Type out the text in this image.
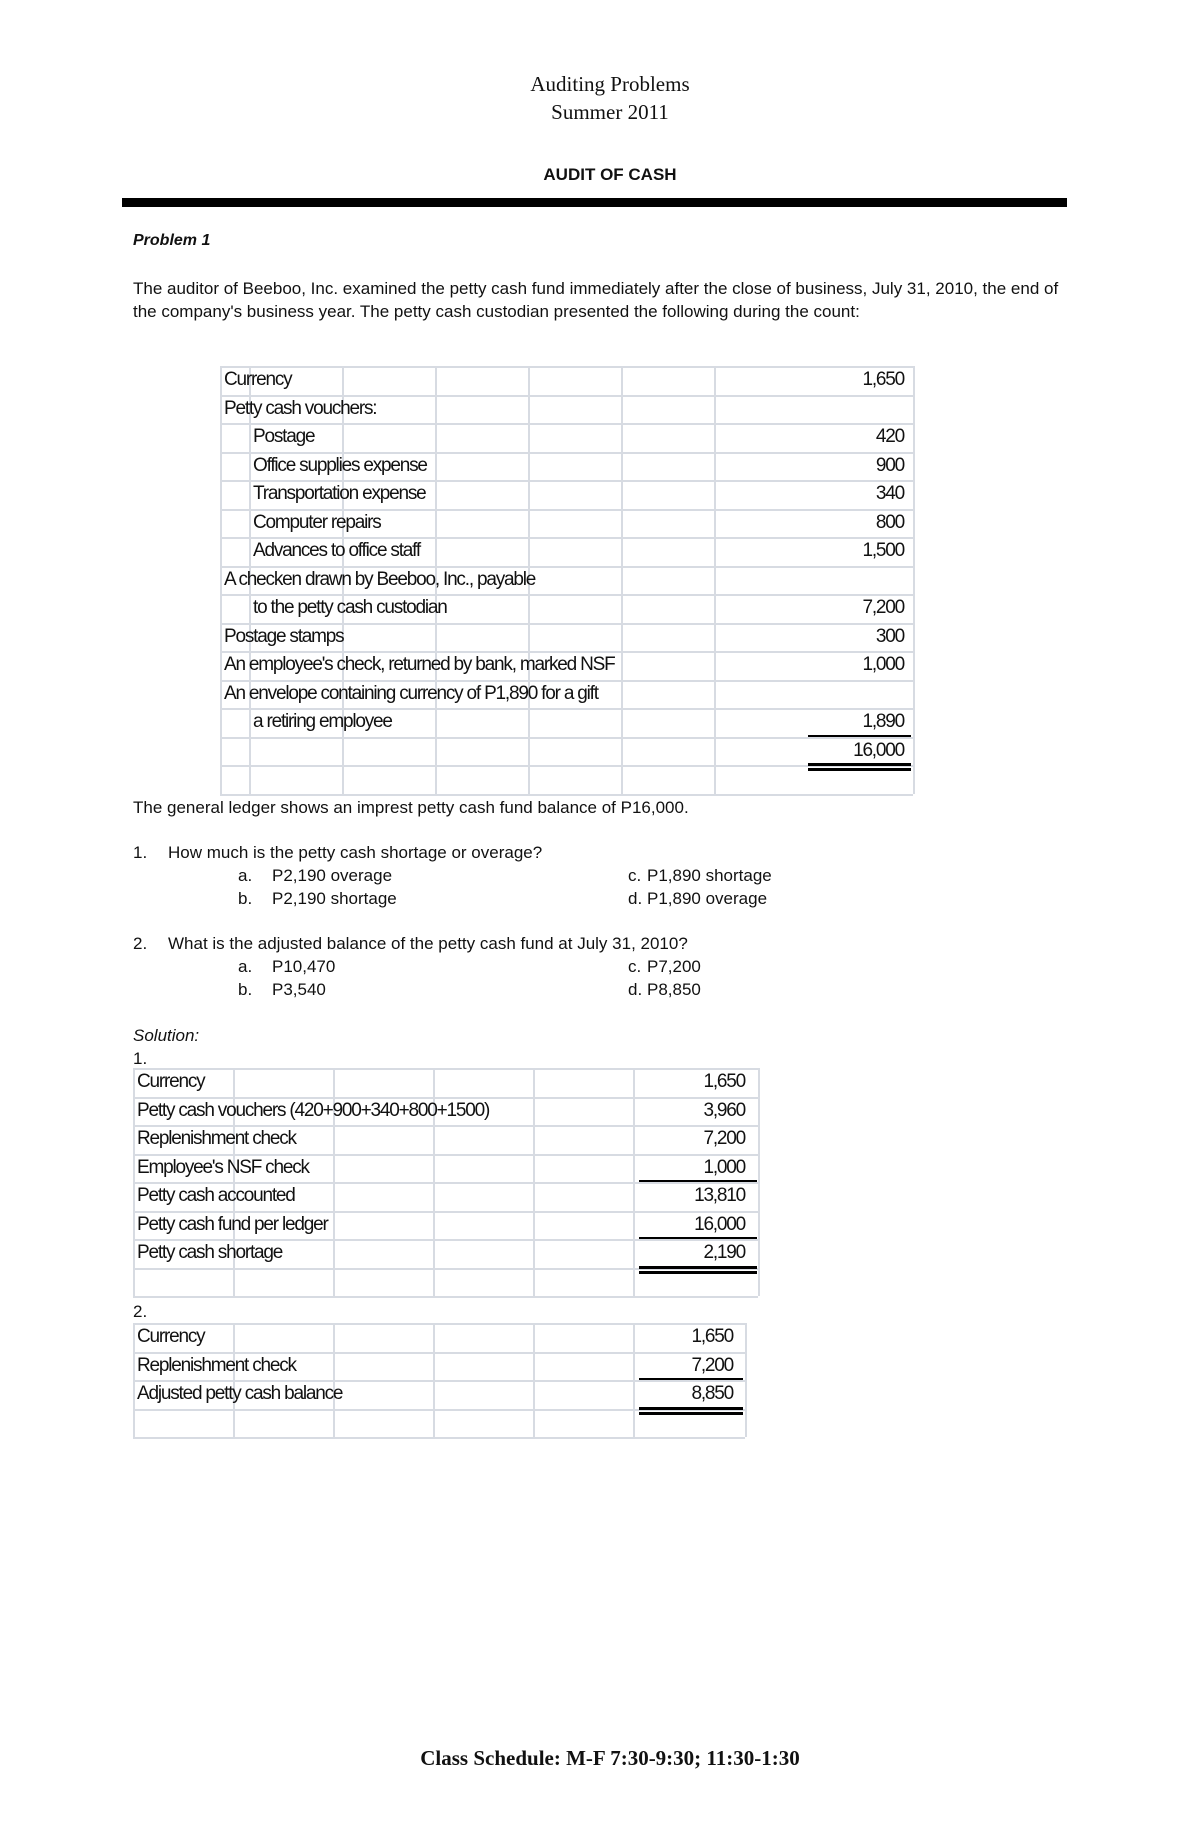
Auditing Problems
Summer 2011
AUDIT OF CASH
Problem 1
The auditor of Beeboo, Inc. examined the petty cash fund immediately after the close of business, July 31, 2010, the end of the company's business year. The petty cash custodian presented the following during the count:
Currency	1,650
Petty cash vouchers:
Postage	420
Office supplies expense	900
Transportation expense	340
Computer repairs	800
Advances to office staff	1,500
A checken drawn by Beeboo, Inc., payable
to the petty cash custodian	7,200
Postage stamps	300
An employee's check, returned by bank, marked NSF	1,000
An envelope containing currency of P1,890 for a gift
a retiring employee	1,890
16,000
The general ledger shows an imprest petty cash fund balance of P16,000.
1. How much is the petty cash shortage or overage?
a. P2,190 overage
b. P2,190 shortage
c. P1,890 shortage
d. P1,890 overage
2. What is the adjusted balance of the petty cash fund at July 31, 2010?
a. P10,470
b. P3,540
c. P7,200
d. P8,850
Solution:
1.
Currency	1,650
Petty cash vouchers (420+900+340+800+1500)	3,960
Replenishment check	7,200
Employee's NSF check	1,000
Petty cash accounted	13,810
Petty cash fund per ledger	16,000
Petty cash shortage	2,190
2.
Currency	1,650
Replenishment check	7,200
Adjusted petty cash balance	8,850
Class Schedule: M-F 7:30-9:30; 11:30-1:30
